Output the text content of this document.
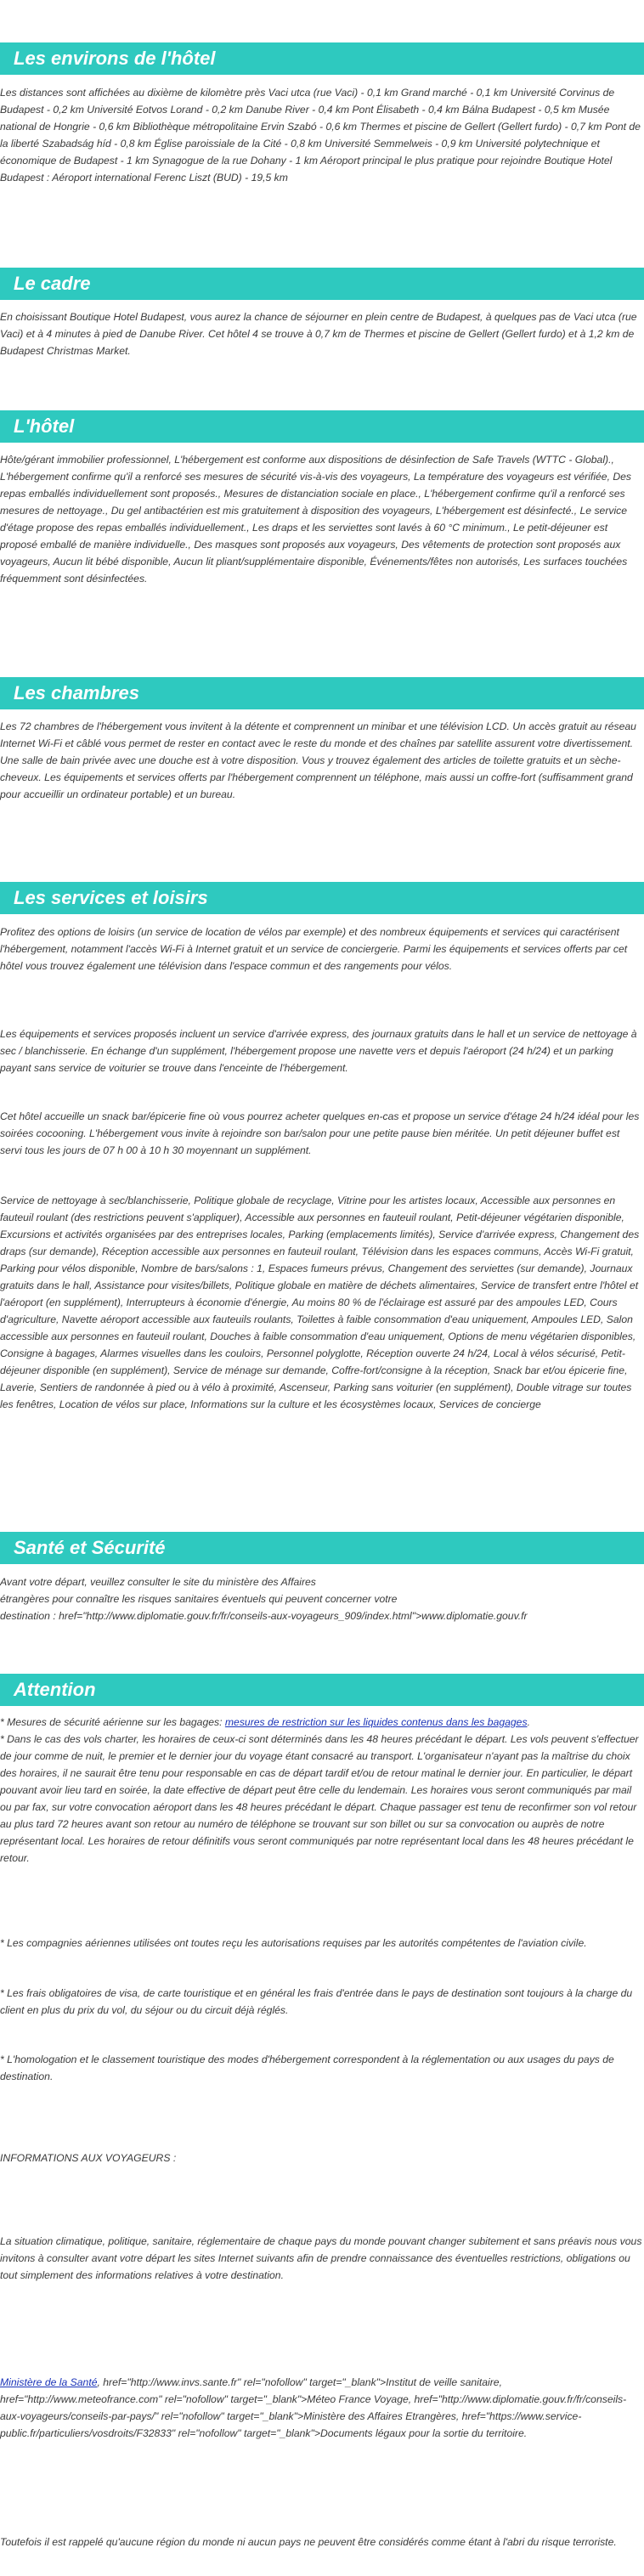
Les environs de l'hôtel
Les distances sont affichées au dixième de kilomètre près Vaci utca (rue Vaci) - 0,1 km Grand marché - 0,1 km Université Corvinus de Budapest - 0,2 km Université Eotvos Lorand - 0,2 km Danube River - 0,4 km Pont Élisabeth - 0,4 km Bálna Budapest - 0,5 km Musée national de Hongrie - 0,6 km Bibliothèque métropolitaine Ervin Szabó - 0,6 km Thermes et piscine de Gellert (Gellert furdo) - 0,7 km Pont de la liberté Szabadság híd - 0,8 km Église paroissiale de la Cité - 0,8 km Université Semmelweis - 0,9 km Université polytechnique et économique de Budapest - 1 km Synagogue de la rue Dohany - 1 km Aéroport principal le plus pratique pour rejoindre Boutique Hotel Budapest : Aéroport international Ferenc Liszt (BUD) - 19,5 km
Le cadre
En choisissant Boutique Hotel Budapest, vous aurez la chance de séjourner en plein centre de Budapest, à quelques pas de Vaci utca (rue Vaci) et à 4 minutes à pied de Danube River. Cet hôtel 4 se trouve à 0,7 km de Thermes et piscine de Gellert (Gellert furdo) et à 1,2 km de Budapest Christmas Market.
L'hôtel
Hôte/gérant immobilier professionnel, L'hébergement est conforme aux dispositions de désinfection de Safe Travels (WTTC - Global)., L'hébergement confirme qu'il a renforcé ses mesures de sécurité vis-à-vis des voyageurs, La température des voyageurs est vérifiée, Des repas emballés individuellement sont proposés., Mesures de distanciation sociale en place., L'hébergement confirme qu'il a renforcé ses mesures de nettoyage., Du gel antibactérien est mis gratuitement à disposition des voyageurs, L'hébergement est désinfecté., Le service d'étage propose des repas emballés individuellement., Les draps et les serviettes sont lavés à 60 °C minimum., Le petit-déjeuner est proposé emballé de manière individuelle., Des masques sont proposés aux voyageurs, Des vêtements de protection sont proposés aux voyageurs, Aucun lit bébé disponible, Aucun lit pliant/supplémentaire disponible, Événements/fêtes non autorisés, Les surfaces touchées fréquemment sont désinfectées.
Les chambres
Les 72 chambres de l'hébergement vous invitent à la détente et comprennent un minibar et une télévision LCD. Un accès gratuit au réseau Internet Wi-Fi et câblé vous permet de rester en contact avec le reste du monde et des chaînes par satellite assurent votre divertissement. Une salle de bain privée avec une douche est à votre disposition. Vous y trouvez également des articles de toilette gratuits et un sèche-cheveux. Les équipements et services offerts par l'hébergement comprennent un téléphone, mais aussi un coffre-fort (suffisamment grand pour accueillir un ordinateur portable) et un bureau.
Les services et loisirs
Profitez des options de loisirs (un service de location de vélos par exemple) et des nombreux équipements et services qui caractérisent l'hébergement, notamment l'accès Wi-Fi à Internet gratuit et un service de conciergerie. Parmi les équipements et services offerts par cet hôtel vous trouvez également une télévision dans l'espace commun et des rangements pour vélos.
Les équipements et services proposés incluent un service d'arrivée express, des journaux gratuits dans le hall et un service de nettoyage à sec / blanchisserie. En échange d'un supplément, l'hébergement propose une navette vers et depuis l'aéroport (24 h/24) et un parking payant sans service de voiturier se trouve dans l'enceinte de l'hébergement.
Cet hôtel accueille un snack bar/épicerie fine où vous pourrez acheter quelques en-cas et propose un service d'étage 24 h/24 idéal pour les soirées cocooning. L'hébergement vous invite à rejoindre son bar/salon pour une petite pause bien méritée. Un petit déjeuner buffet est servi tous les jours de 07 h 00 à 10 h 30 moyennant un supplément.
Service de nettoyage à sec/blanchisserie, Politique globale de recyclage, Vitrine pour les artistes locaux, Accessible aux personnes en fauteuil roulant (des restrictions peuvent s'appliquer), Accessible aux personnes en fauteuil roulant, Petit-déjeuner végétarien disponible, Excursions et activités organisées par des entreprises locales, Parking (emplacements limités), Service d'arrivée express, Changement des draps (sur demande), Réception accessible aux personnes en fauteuil roulant, Télévision dans les espaces communs, Accès Wi-Fi gratuit, Parking pour vélos disponible, Nombre de bars/salons : 1, Espaces fumeurs prévus, Changement des serviettes (sur demande), Journaux gratuits dans le hall, Assistance pour visites/billets, Politique globale en matière de déchets alimentaires, Service de transfert entre l'hôtel et l'aéroport (en supplément), Interrupteurs à économie d'énergie, Au moins 80 % de l'éclairage est assuré par des ampoules LED, Cours d'agriculture, Navette aéroport accessible aux fauteuils roulants, Toilettes à faible consommation d'eau uniquement, Ampoules LED, Salon accessible aux personnes en fauteuil roulant, Douches à faible consommation d'eau uniquement, Options de menu végétarien disponibles, Consigne à bagages, Alarmes visuelles dans les couloirs, Personnel polyglotte, Réception ouverte 24 h/24, Local à vélos sécurisé, Petit-déjeuner disponible (en supplément), Service de ménage sur demande, Coffre-fort/consigne à la réception, Snack bar et/ou épicerie fine, Laverie, Sentiers de randonnée à pied ou à vélo à proximité, Ascenseur, Parking sans voiturier (en supplément), Double vitrage sur toutes les fenêtres, Location de vélos sur place, Informations sur la culture et les écosystèmes locaux, Services de concierge
Santé et Sécurité
Avant votre départ, veuillez consulter le site du ministère des Affaires
étrangères pour connaître les risques sanitaires éventuels qui peuvent concerner votre
destination : href="http://www.diplomatie.gouv.fr/fr/conseils-aux-voyageurs_909/index.html">www.diplomatie.gouv.fr
Attention
* Mesures de sécurité aérienne sur les bagages: mesures de restriction sur les liquides contenus dans les bagages.
* Dans le cas des vols charter, les horaires de ceux-ci sont déterminés dans les 48 heures précédant le départ. Les vols peuvent s'effectuer de jour comme de nuit, le premier et le dernier jour du voyage étant consacré au transport. L'organisateur n'ayant pas la maîtrise du choix des horaires, il ne saurait être tenu pour responsable en cas de départ tardif et/ou de retour matinal le dernier jour. En particulier, le départ pouvant avoir lieu tard en soirée, la date effective de départ peut être celle du lendemain. Les horaires vous seront communiqués par mail ou par fax, sur votre convocation aéroport dans les 48 heures précédant le départ. Chaque passager est tenu de reconfirmer son vol retour au plus tard 72 heures avant son retour au numéro de téléphone se trouvant sur son billet ou sur sa convocation ou auprès de notre représentant local. Les horaires de retour définitifs vous seront communiqués par notre représentant local dans les 48 heures précédant le retour.
* Les compagnies aériennes utilisées ont toutes reçu les autorisations requises par les autorités compétentes de l'aviation civile.
* Les frais obligatoires de visa, de carte touristique et en général les frais d'entrée dans le pays de destination sont toujours à la charge du client en plus du prix du vol, du séjour ou du circuit déjà réglés.
* L'homologation et le classement touristique des modes d'hébergement correspondent à la réglementation ou aux usages du pays de destination.
INFORMATIONS AUX VOYAGEURS :
La situation climatique, politique, sanitaire, réglementaire de chaque pays du monde pouvant changer subitement et sans préavis nous vous invitons à consulter avant votre départ les sites Internet suivants afin de prendre connaissance des éventuelles restrictions, obligations ou tout simplement des informations relatives à votre destination.
Ministère de la Santé, href="http://www.invs.sante.fr" rel="nofollow" target="_blank">Institut de veille sanitaire, href="http://www.meteofrance.com" rel="nofollow" target="_blank">Méteo France Voyage, href="http://www.diplomatie.gouv.fr/fr/conseils-aux-voyageurs/conseils-par-pays/" rel="nofollow" target="_blank">Ministère des Affaires Etrangères, href="https://www.service-public.fr/particuliers/vosdroits/F32833" rel="nofollow" target="_blank">Documents légaux pour la sortie du territoire.
Toutefois il est rappelé qu'aucune région du monde ni aucun pays ne peuvent être considérés comme étant à l'abri du risque terroriste.
